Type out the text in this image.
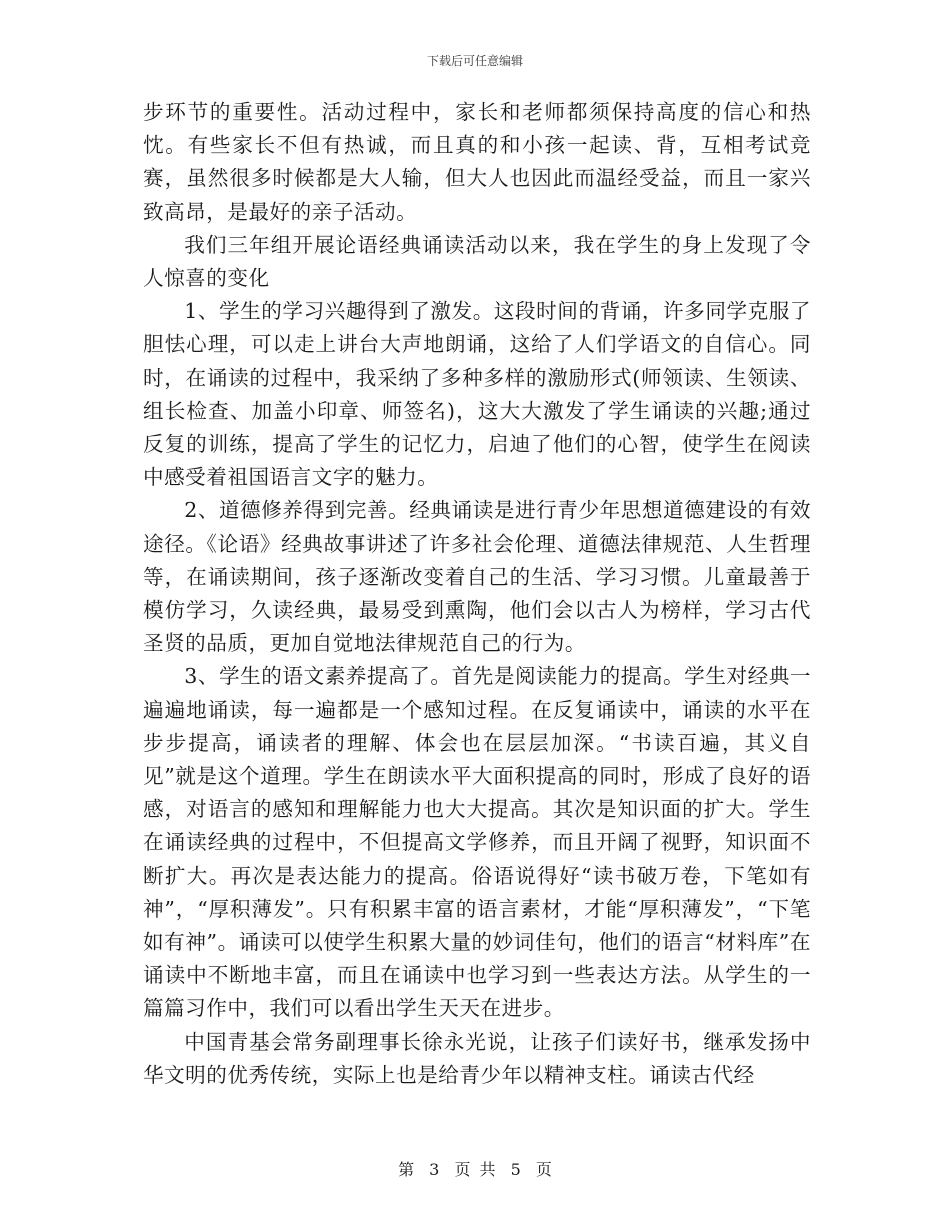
下载后可任意编辑

步环节的重要性。活动过程中，家长和老师都须保持高度的信心和热忱。有些家长不但有热诚，而且真的和小孩一起读、背，互相考试竞赛，虽然很多时候都是大人输，但大人也因此而温经受益，而且一家兴致高昂，是最好的亲子活动。

我们三年组开展论语经典诵读活动以来，我在学生的身上发现了令人惊喜的变化

1、学生的学习兴趣得到了激发。这段时间的背诵，许多同学克服了胆怯心理，可以走上讲台大声地朗诵，这给了人们学语文的自信心。同时，在诵读的过程中，我采纳了多种多样的激励形式(师领读、生领读、组长检查、加盖小印章、师签名)，这大大激发了学生诵读的兴趣;通过反复的训练，提高了学生的记忆力，启迪了他们的心智，使学生在阅读中感受着祖国语言文字的魅力。

2、道德修养得到完善。经典诵读是进行青少年思想道德建设的有效途径。《论语》经典故事讲述了许多社会伦理、道德法律规范、人生哲理等，在诵读期间，孩子逐渐改变着自己的生活、学习习惯。儿童最善于模仿学习，久读经典，最易受到熏陶，他们会以古人为榜样，学习古代圣贤的品质，更加自觉地法律规范自己的行为。

3、学生的语文素养提高了。首先是阅读能力的提高。学生对经典一遍遍地诵读，每一遍都是一个感知过程。在反复诵读中，诵读的水平在步步提高，诵读者的理解、体会也在层层加深。“书读百遍，其义自见”就是这个道理。学生在朗读水平大面积提高的同时，形成了良好的语感，对语言的感知和理解能力也大大提高。其次是知识面的扩大。学生在诵读经典的过程中，不但提高文学修养，而且开阔了视野，知识面不断扩大。再次是表达能力的提高。俗语说得好“读书破万卷，下笔如有神”，“厚积薄发”。只有积累丰富的语言素材，才能“厚积薄发”，“下笔如有神”。诵读可以使学生积累大量的妙词佳句，他们的语言“材料库”在诵读中不断地丰富，而且在诵读中也学习到一些表达方法。从学生的一篇篇习作中，我们可以看出学生天天在进步。

中国青基会常务副理事长徐永光说，让孩子们读好书，继承发扬中华文明的优秀传统，实际上也是给青少年以精神支柱。诵读古代经

第 3 页 共 5 页
